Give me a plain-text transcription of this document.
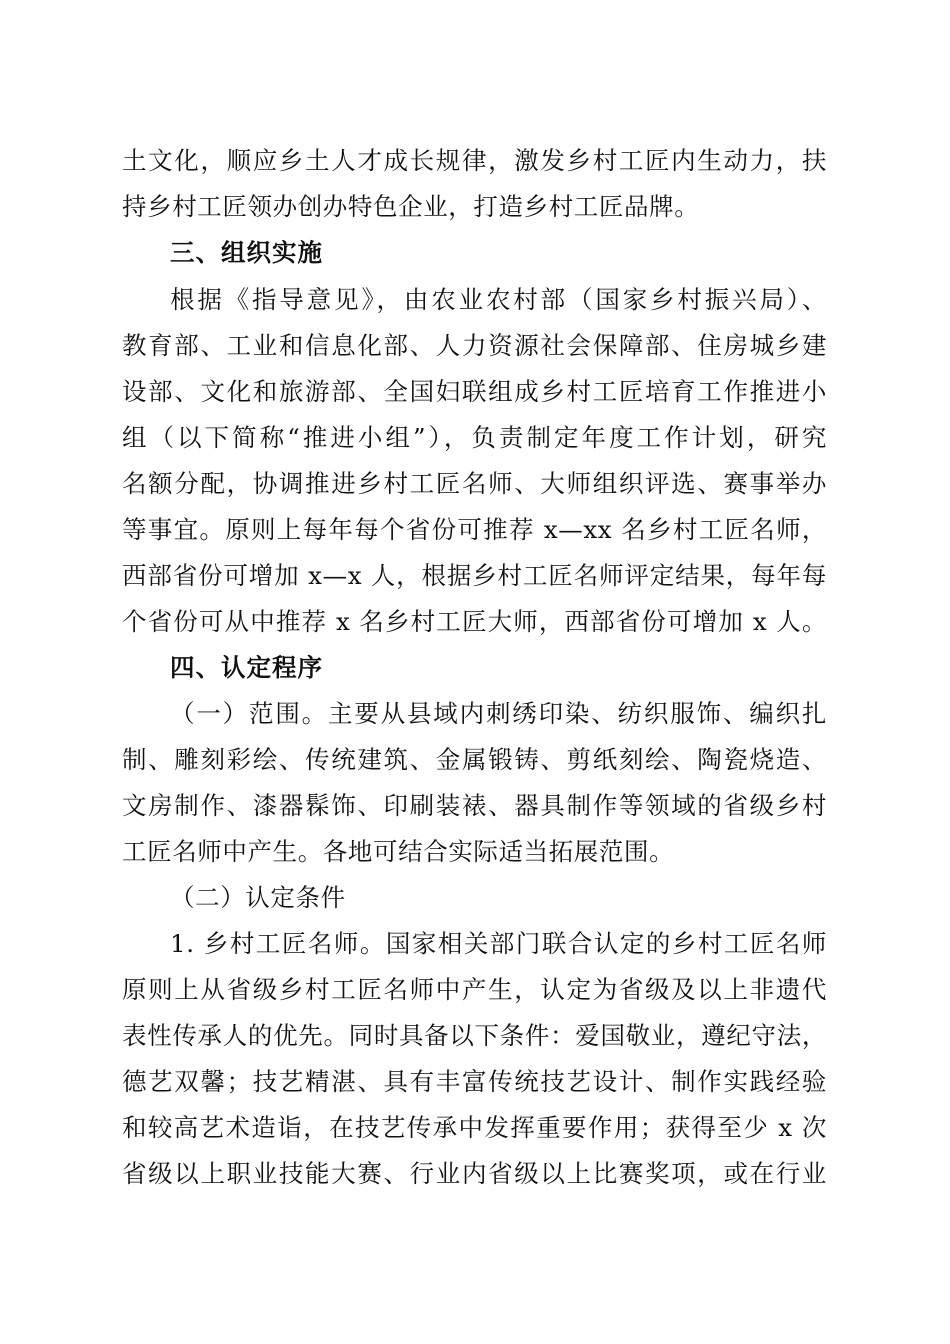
土文化，顺应乡土人才成长规律，激发乡村工匠内生动力，扶
持乡村工匠领办创办特色企业，打造乡村工匠品牌。
三、组织实施
根据《指导意见》，由农业农村部（国家乡村振兴局）、
教育部、工业和信息化部、人力资源社会保障部、住房城乡建
设部、文化和旅游部、全国妇联组成乡村工匠培育工作推进小
组（以下简称“推进小组”），负责制定年度工作计划，研究
名额分配，协调推进乡村工匠名师、大师组织评选、赛事举办
等事宜。原则上每年每个省份可推荐 x—xx 名乡村工匠名师，
西部省份可增加 x—x 人，根据乡村工匠名师评定结果，每年每
个省份可从中推荐 x 名乡村工匠大师，西部省份可增加 x 人。
四、认定程序
（一）范围。主要从县域内刺绣印染、纺织服饰、编织扎
制、雕刻彩绘、传统建筑、金属锻铸、剪纸刻绘、陶瓷烧造、
文房制作、漆器髹饰、印刷装裱、器具制作等领域的省级乡村
工匠名师中产生。各地可结合实际适当拓展范围。
（二）认定条件
1. 乡村工匠名师。国家相关部门联合认定的乡村工匠名师
原则上从省级乡村工匠名师中产生，认定为省级及以上非遗代
表性传承人的优先。同时具备以下条件：爱国敬业，遵纪守法，
德艺双馨；技艺精湛、具有丰富传统技艺设计、制作实践经验
和较高艺术造诣，在技艺传承中发挥重要作用；获得至少 x 次
省级以上职业技能大赛、行业内省级以上比赛奖项，或在行业
